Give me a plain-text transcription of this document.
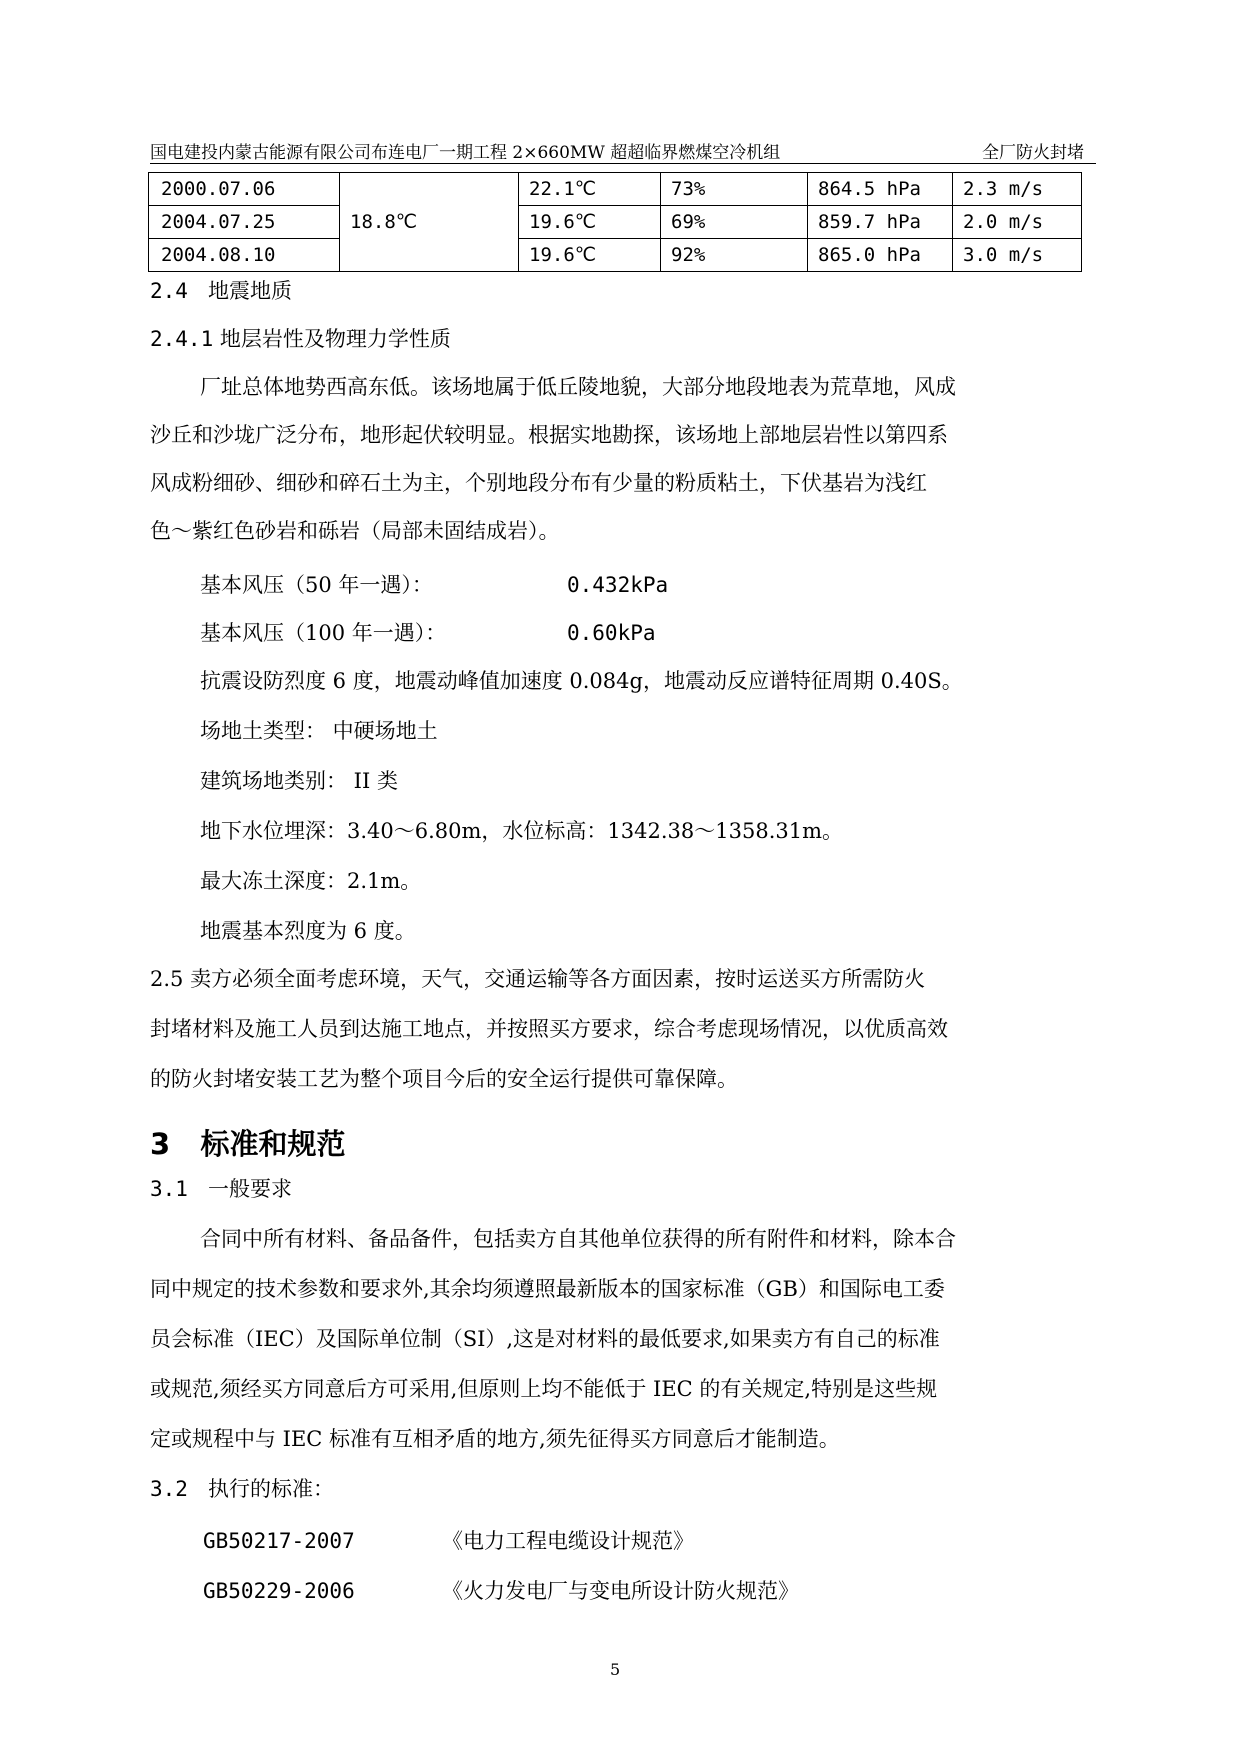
国电建投内蒙古能源有限公司布连电厂一期工程 2×660MW 超超临界燃煤空冷机组	全厂防火封堵
2000.07.06	18.8℃	22.1℃	73%	864.5 hPa	2.3 m/s
2004.07.25		19.6℃	69%	859.7 hPa	2.0 m/s
2004.08.10		19.6℃	92%	865.0 hPa	3.0 m/s
2.4 地震地质
2.4.1 地层岩性及物理力学性质
厂址总体地势西高东低。该场地属于低丘陵地貌，大部分地段地表为荒草地，风成
沙丘和沙垅广泛分布，地形起伏较明显。根据实地勘探，该场地上部地层岩性以第四系
风成粉细砂、细砂和碎石土为主，个别地段分布有少量的粉质粘土，下伏基岩为浅红
色～紫红色砂岩和砾岩（局部未固结成岩）。
基本风压（50 年一遇）：	0.432kPa
基本风压（100 年一遇）：	0.60kPa
抗震设防烈度 6 度，地震动峰值加速度 0.084g，地震动反应谱特征周期 0.40S。
场地土类型： 中硬场地土
建筑场地类别： II 类
地下水位埋深：3.40～6.80m，水位标高：1342.38～1358.31m。
最大冻土深度：2.1m。
地震基本烈度为 6 度。
2.5 卖方必须全面考虑环境，天气，交通运输等各方面因素，按时运送买方所需防火
封堵材料及施工人员到达施工地点，并按照买方要求，综合考虑现场情况，以优质高效
的防火封堵安装工艺为整个项目今后的安全运行提供可靠保障。
3 标准和规范
3.1 一般要求
合同中所有材料、备品备件，包括卖方自其他单位获得的所有附件和材料，除本合
同中规定的技术参数和要求外,其余均须遵照最新版本的国家标准（GB）和国际电工委
员会标准（IEC）及国际单位制（SI）,这是对材料的最低要求,如果卖方有自己的标准
或规范,须经买方同意后方可采用,但原则上均不能低于 IEC 的有关规定,特别是这些规
定或规程中与 IEC 标准有互相矛盾的地方,须先征得买方同意后才能制造。
3.2 执行的标准：
GB50217-2007	《电力工程电缆设计规范》
GB50229-2006	《火力发电厂与变电所设计防火规范》
5
